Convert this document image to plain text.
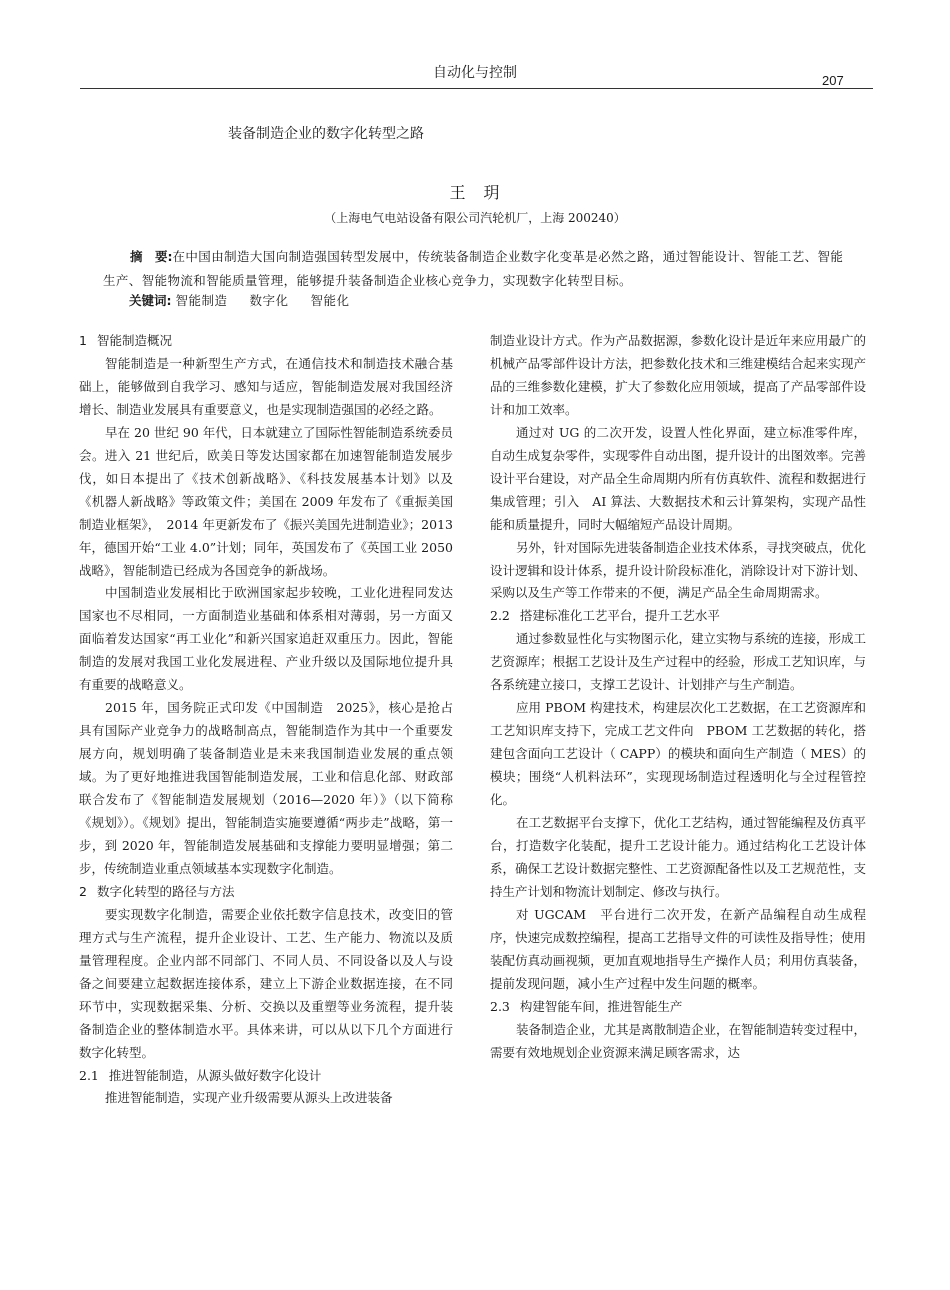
自动化与控制	207
装备制造企业的数字化转型之路
王　玥
（上海电气电站设备有限公司汽轮机厂，上海 200240）
摘　要:在中国由制造大国向制造强国转型发展中，传统装备制造企业数字化变革是必然之路，通过智能设计、智能工艺、智能生产、智能物流和智能质量管理，能够提升装备制造企业核心竞争力，实现数字化转型目标。
关键词: 智能制造 数字化 智能化

1 智能制造概况

智能制造是一种新型生产方式，在通信技术和制造技术融合基础上，能够做到自我学习、感知与适应，智能制造发展对我国经济增长、制造业发展具有重要意义，也是实现制造强国的必经之路。

早在 20 世纪 90 年代，日本就建立了国际性智能制造系统委员会。进入 21 世纪后，欧美日等发达国家都在加速智能制造发展步伐，如日本提出了《技术创新战略》、《科技发展基本计划》以及《机器人新战略》等政策文件；美国在 2009 年发布了《重振美国制造业框架》，　2014 年更新发布了《振兴美国先进制造业》；2013 年，德国开始“工业 4.0”计划；同年，英国发布了《英国工业 2050 战略》，智能制造已经成为各国竞争的新战场。

中国制造业发展相比于欧洲国家起步较晚，工业化进程同发达国家也不尽相同，一方面制造业基础和体系相对薄弱，另一方面又面临着发达国家“再工业化”和新兴国家追赶双重压力。因此，智能制造的发展对我国工业化发展进程、产业升级以及国际地位提升具有重要的战略意义。

2015 年，国务院正式印发《中国制造　2025》，核心是抢占具有国际产业竞争力的战略制高点，智能制造作为其中一个重要发展方向，规划明确了装备制造业是未来我国制造业发展的重点领域。为了更好地推进我国智能制造发展，工业和信息化部、财政部联合发布了《智能制造发展规划（2016—2020 年）》（以下简称《规划》）。《规划》提出，智能制造实施要遵循“两步走”战略，第一步，到 2020 年，智能制造发展基础和支撑能力要明显增强；第二步，传统制造业重点领域基本实现数字化制造。

2 数字化转型的路径与方法

要实现数字化制造，需要企业依托数字信息技术，改变旧的管理方式与生产流程，提升企业设计、工艺、生产能力、物流以及质量管理程度。企业内部不同部门、不同人员、不同设备以及人与设备之间要建立起数据连接体系，建立上下游企业数据连接，在不同环节中，实现数据采集、分析、交换以及重塑等业务流程，提升装备制造企业的整体制造水平。具体来讲，可以从以下几个方面进行数字化转型。

2.1 推进智能制造，从源头做好数字化设计

推进智能制造，实现产业升级需要从源头上改进装备

制造业设计方式。作为产品数据源，参数化设计是近年来应用最广的机械产品零部件设计方法，把参数化技术和三维建模结合起来实现产品的三维参数化建模，扩大了参数化应用领域，提高了产品零部件设计和加工效率。

通过对 UG 的二次开发，设置人性化界面，建立标准零件库，自动生成复杂零件，实现零件自动出图，提升设计的出图效率。完善设计平台建设，对产品全生命周期内所有仿真软件、流程和数据进行集成管理；引入　AI 算法、大数据技术和云计算架构，实现产品性能和质量提升，同时大幅缩短产品设计周期。

另外，针对国际先进装备制造企业技术体系，寻找突破点，优化设计逻辑和设计体系，提升设计阶段标准化，消除设计对下游计划、采购以及生产等工作带来的不便，满足产品全生命周期需求。

2.2 搭建标准化工艺平台，提升工艺水平

通过参数显性化与实物图示化，建立实物与系统的连接，形成工艺资源库；根据工艺设计及生产过程中的经验，形成工艺知识库，与各系统建立接口，支撑工艺设计、计划排产与生产制造。

应用 PBOM 构建技术，构建层次化工艺数据，在工艺资源库和工艺知识库支持下，完成工艺文件向　PBOM 工艺数据的转化，搭建包含面向工艺设计（ CAPP）的模块和面向生产制造（ MES）的模块；围绕“人机料法环”，实现现场制造过程透明化与全过程管控化。

在工艺数据平台支撑下，优化工艺结构，通过智能编程及仿真平台，打造数字化装配，提升工艺设计能力。通过结构化工艺设计体系，确保工艺设计数据完整性、工艺资源配备性以及工艺规范性，支持生产计划和物流计划制定、修改与执行。

对 UGCAM　平台进行二次开发，在新产品编程自动生成程序，快速完成数控编程，提高工艺指导文件的可读性及指导性；使用装配仿真动画视频，更加直观地指导生产操作人员；利用仿真装备，提前发现问题，减小生产过程中发生问题的概率。

2.3 构建智能车间，推进智能生产

装备制造企业，尤其是离散制造企业，在智能制造转变过程中，需要有效地规划企业资源来满足顾客需求，达
